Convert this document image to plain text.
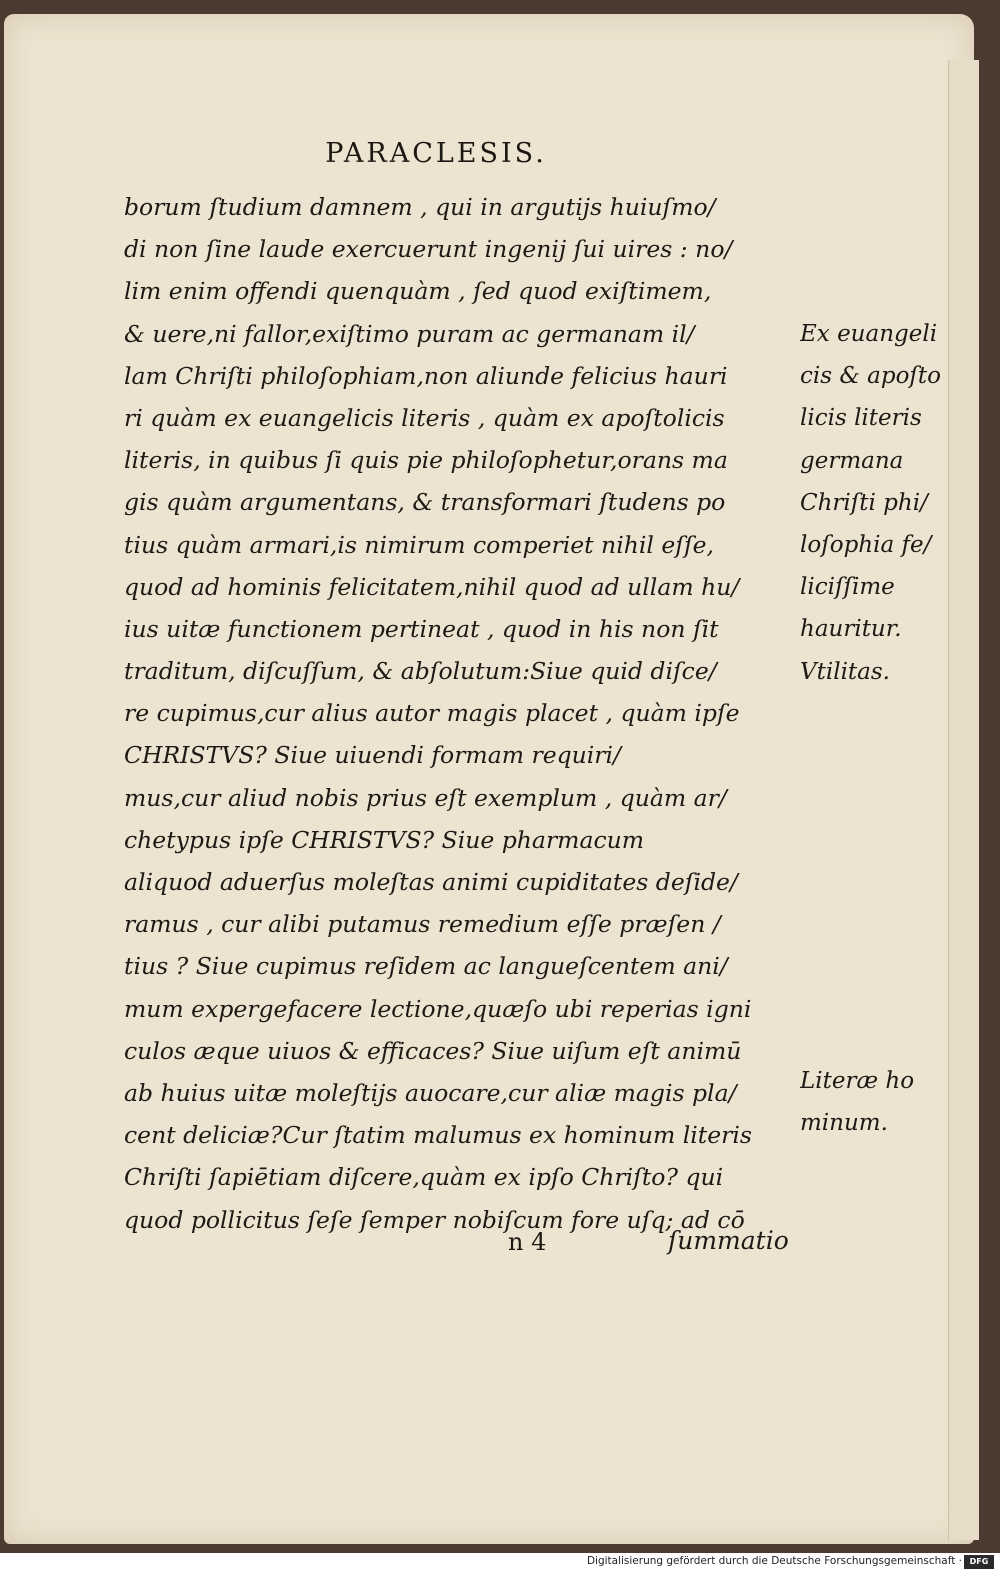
PARACLESIS.
borum ſtudium damnem , qui in argutijs huiuſmo/
di non ſine laude exercuerunt ingenij ſui uires : no/
lim enim offendi quenquàm , ſed quod exiſtimem,
& uere,ni fallor,exiſtimo puram ac germanam il/
lam Chriſti philoſophiam,non aliunde felicius hauri
ri quàm ex euangelicis literis , quàm ex apoſtolicis
literis, in quibus ſi quis pie philoſophetur,orans ma
gis quàm argumentans, & transformari ſtudens po
tius quàm armari,is nimirum comperiet nihil eſſe,
quod ad hominis felicitatem,nihil quod ad ullam hu/
ius uitæ functionem pertineat , quod in his non ſit
traditum, diſcuſſum, & abſolutum:Siue quid diſce/
re cupimus,cur alius autor magis placet , quàm ipſe
CHRISTVS? Siue uiuendi formam requiri/
mus,cur aliud nobis prius eſt exemplum , quàm ar/
chetypus ipſe CHRISTVS? Siue pharmacum
aliquod aduerſus moleſtas animi cupiditates deſide/
ramus , cur alibi putamus remedium eſſe præſen /
tius ? Siue cupimus reſidem ac langueſcentem ani/
mum expergefacere lectione,quæſo ubi reperias igni
culos æque uiuos & efficaces? Siue uiſum eſt animū
ab huius uitæ moleſtijs auocare,cur aliæ magis pla/
cent deliciæ?Cur ſtatim malumus ex hominum literis
Chriſti ſapiētiam diſcere,quàm ex ipſo Chriſto? qui
quod pollicitus ſeſe ſemper nobiſcum fore uſq; ad cō
Ex euangeli
cis & apoſto
licis literis
germana
Chriſti phi/
loſophia fe/
liciſſime
hauritur.
Vtilitas.
Literæ ho
minum.
n 4	ſummatio
Digitalisierung gefördert durch die Deutsche Forschungsgemeinschaft · DFG
